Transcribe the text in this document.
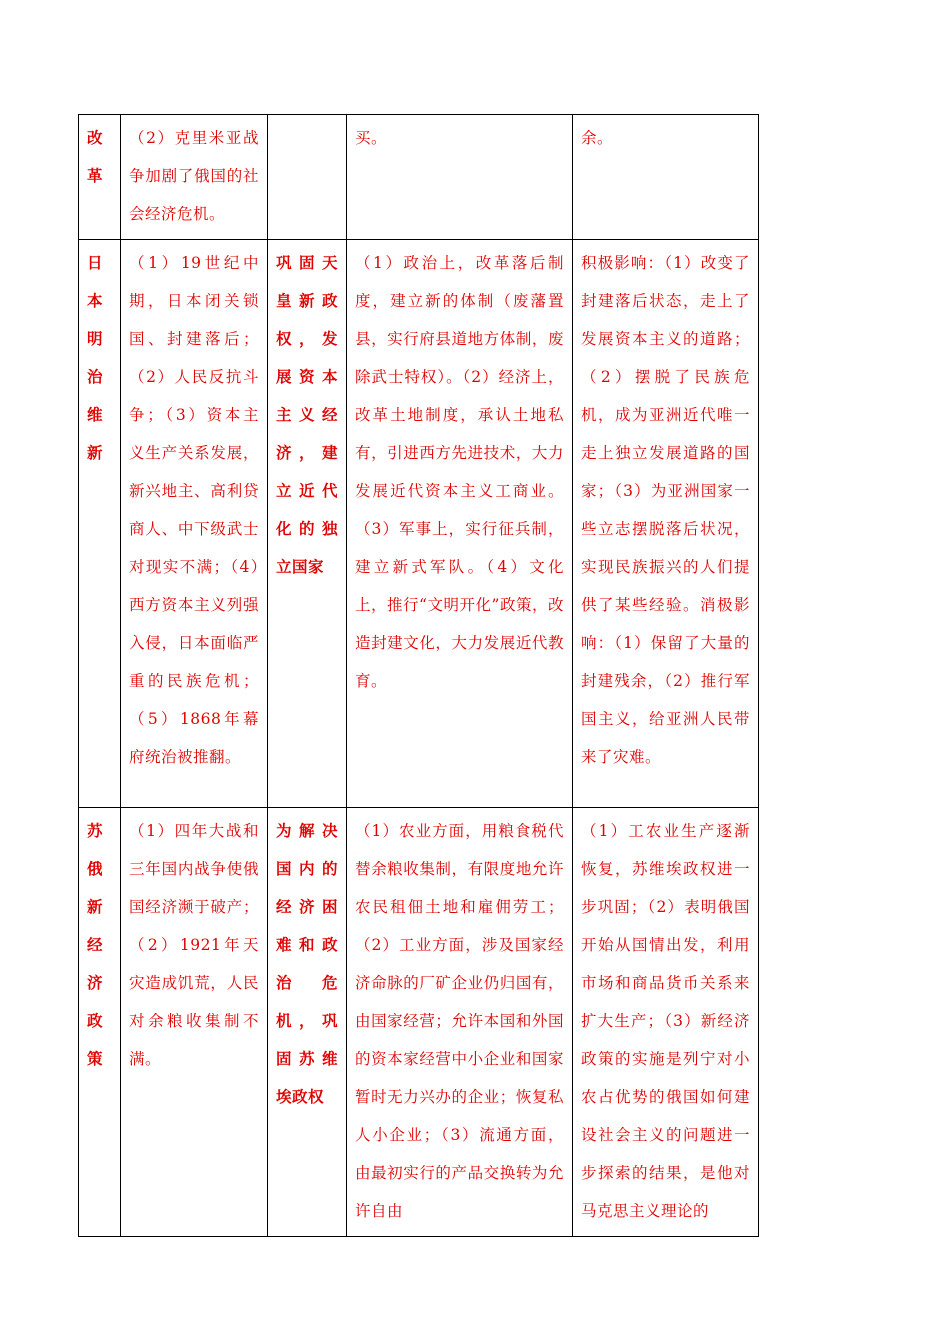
改革	（2）克里米亚战争加剧了俄国的社会经济危机。		买。	余。
日本明治维新	（1）19世纪中期，日本闭关锁国、封建落后；（2）人民反抗斗争；（3）资本主义生产关系发展，新兴地主、高利贷商人、中下级武士对现实不满；（4）西方资本主义列强入侵，日本面临严重的民族危机；（5）1868年幕府统治被推翻。	巩固天皇新政权，发展资本主义经济，建立近代化的独立国家	（1）政治上，改革落后制度，建立新的体制（废藩置县，实行府县道地方体制，废除武士特权）。（2）经济上，改革土地制度，承认土地私有，引进西方先进技术，大力发展近代资本主义工商业。（3）军事上，实行征兵制，建立新式军队。（4）文化上，推行“文明开化”政策，改造封建文化，大力发展近代教育。	积极影响：（1）改变了封建落后状态，走上了发展资本主义的道路；（2）摆脱了民族危机，成为亚洲近代唯一走上独立发展道路的国家；（3）为亚洲国家一些立志摆脱落后状况，实现民族振兴的人们提供了某些经验。消极影响：（1）保留了大量的封建残余，（2）推行军国主义，给亚洲人民带来了灾难。
苏俄新经济政策	（1）四年大战和三年国内战争使俄国经济濒于破产；（2）1921年天灾造成饥荒，人民对余粮收集制不满。	为解决国内的经济困难和政治危机，巩固苏维埃政权	（1）农业方面，用粮食税代替余粮收集制，有限度地允许农民租佃土地和雇佣劳工；（2）工业方面，涉及国家经济命脉的厂矿企业仍归国有，由国家经营；允许本国和外国的资本家经营中小企业和国家暂时无力兴办的企业；恢复私人小企业；（3）流通方面，由最初实行的产品交换转为允许自由	（1）工农业生产逐渐恢复，苏维埃政权进一步巩固；（2）表明俄国开始从国情出发，利用市场和商品货币关系来扩大生产；（3）新经济政策的实施是列宁对小农占优势的俄国如何建设社会主义的问题进一步探索的结果，是他对马克思主义理论的
